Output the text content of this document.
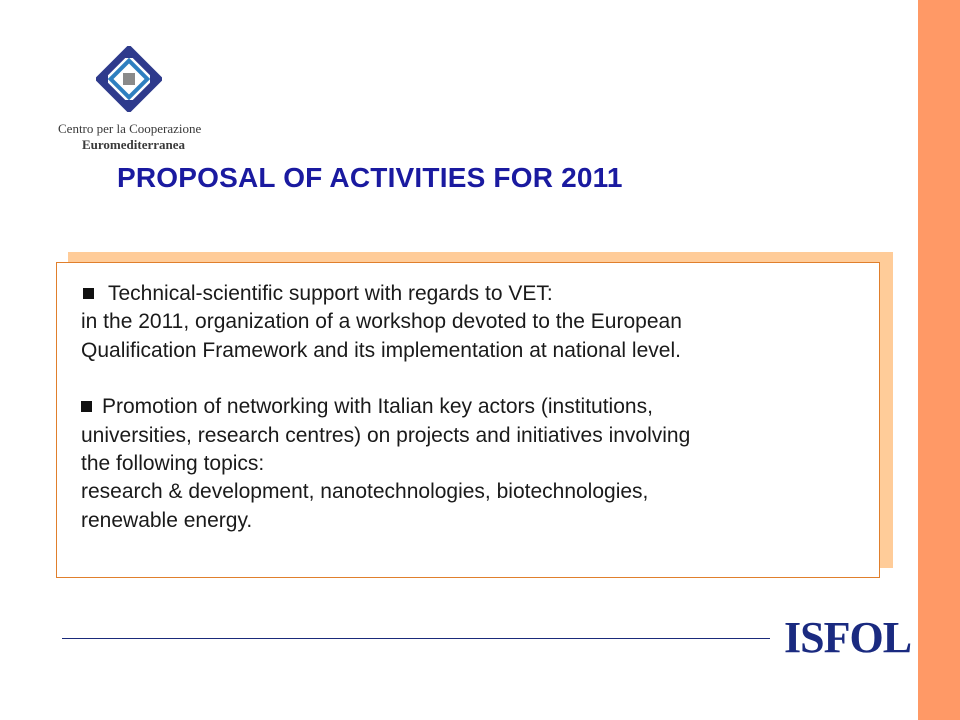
Centro per la Cooperazione
Euromediterranea
PROPOSAL OF ACTIVITIES FOR 2011

Technical-scientific support with regards to VET:

in the 2011, organization of a workshop devoted to the European

Qualification Framework and its implementation at national level.

Promotion of networking with Italian key actors (institutions,

universities, research centres) on projects and initiatives involving

the following topics:

research & development, nanotechnologies, biotechnologies,

renewable energy.

ISFOL
